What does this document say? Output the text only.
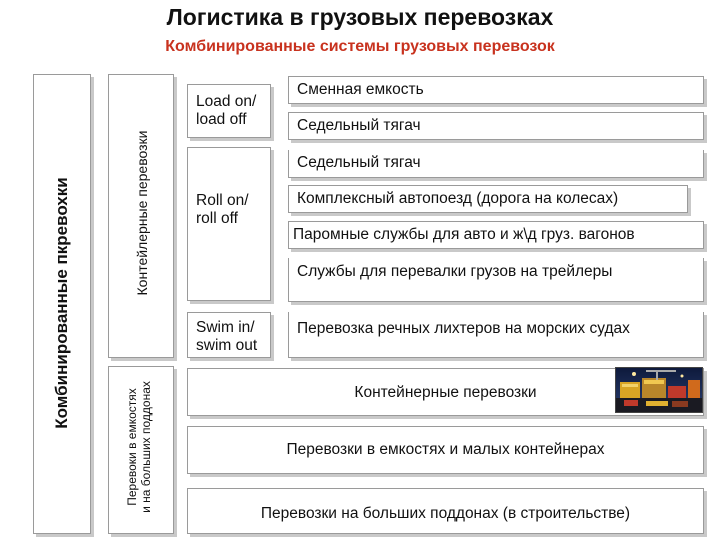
Логистика в грузовых перевозках
Комбинированные системы грузовых перевозок
Комбинированные пкревохки	Контейлерные перевозки
Перевоки в емкостях и на больших поддонах
Load on/
load off
Roll on/
roll off
Swim in/
swim out
Сменная емкость
Седельный тягач
Седельный тягач
Комплексный автопоезд (дорога на колесах)
Паромные службы для авто и ж\д груз. вагонов
Службы для перевалки грузов на трейлеры
Перевозка речных лихтеров на морских судах
Контейнерные перевозки
Перевозки в емкостях и малых контейнерах
Перевозки на больших поддонах (в строительстве)
